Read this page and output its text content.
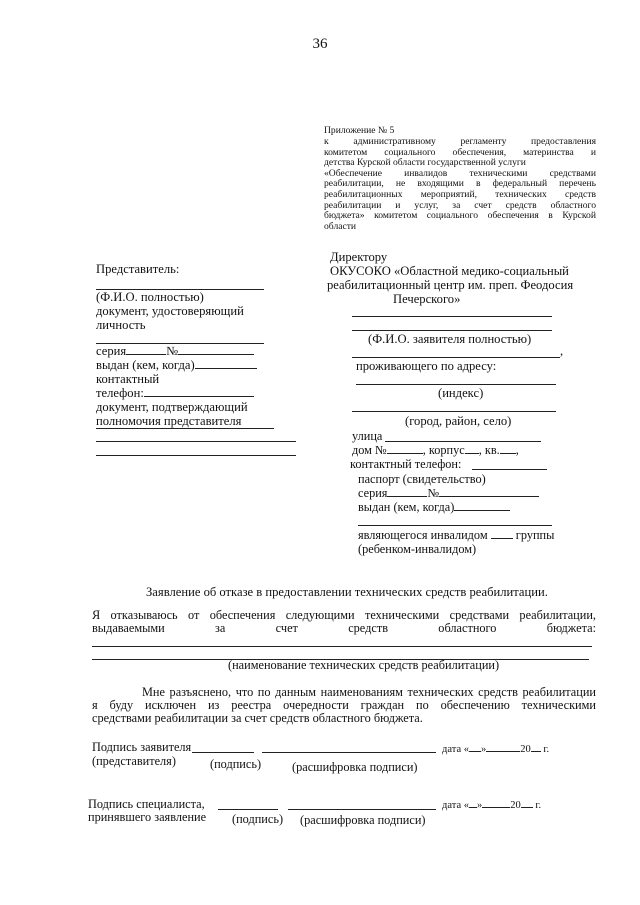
36
Приложение № 5
к административному регламенту предоставления
комитетом социального обеспечения, материнства и
детства Курской области государственной услуги
«Обеспечение инвалидов техническими средствами
реабилитации, не входящими в федеральный перечень
реабилитационных мероприятий, технических средств
реабилитации и услуг, за счет средств областного
бюджета» комитетом социального обеспечения в Курской
области
Директору
ОКУСОКО «Областной медико-социальный
реабилитационный центр им. преп. Феодосия
Печерского»
(Ф.И.О. заявителя полностью)
,
проживающего по адресу:
(индекс)
(город, район, село)
улица
дом №	, корпус , кв. ,
контактный телефон:
паспорт (свидетельство)
серия	№
выдан (кем, когда)
являющегося инвалидом группы
(ребенком-инвалидом)
Представитель:
(Ф.И.О. полностью)
документ, удостоверяющий
личность
серия	№
выдан (кем, когда)
контактный
телефон:
документ, подтверждающий
полномочия представителя
Заявление об отказе в предоставлении технических средств реабилитации.
Я отказываюсь от обеспечения следующими техническими средствами реабилитации,
выдаваемыми	за	счет	средств	областного	бюджета:
(наименование технических средств реабилитации)
Мне разъяснено, что по данным наименованиям технических средств реабилитации
я буду исключен из реестра очередности граждан по обеспечению техническими
средствами реабилитации за счет средств областного бюджета.
Подпись заявителя	дата « »	20 г.
(представителя)	(подпись)	(расшифровка подписи)
Подпись специалиста,	дата « »	20 г.
принявшего заявление (подпись) (расшифровка подписи)
